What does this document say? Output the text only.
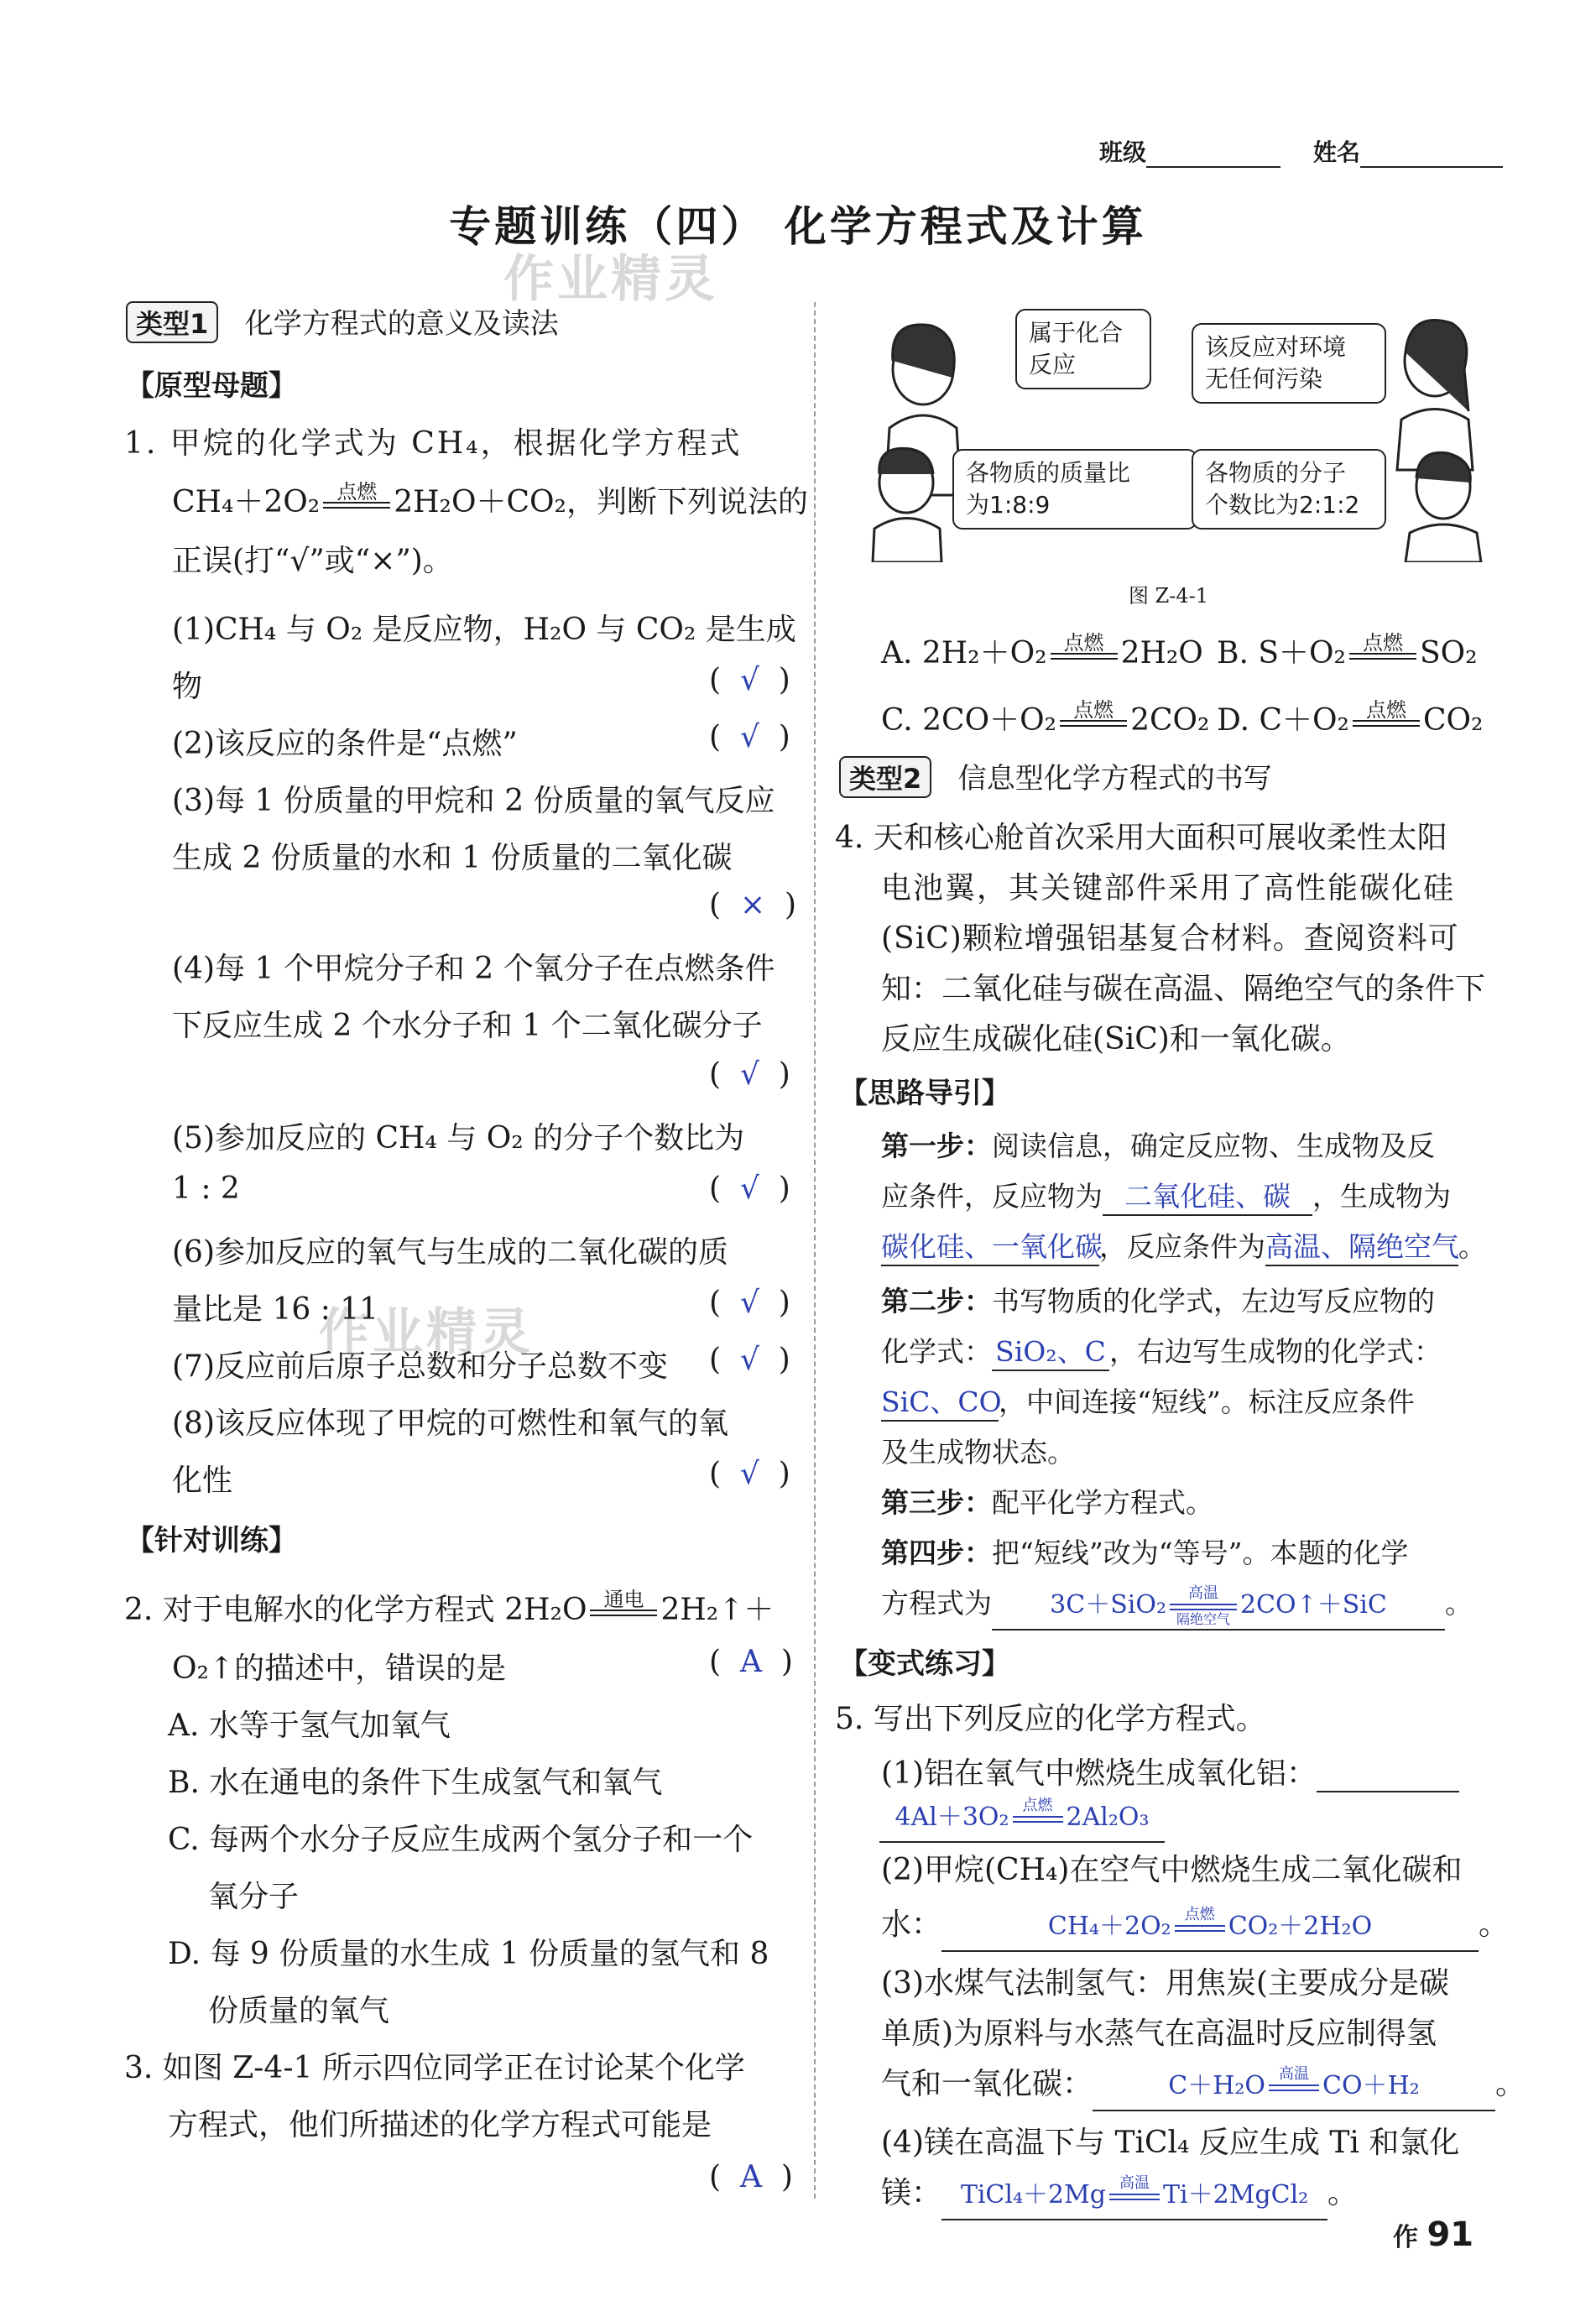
班级	姓名
专题训练（四） 化学方程式及计算
作业精灵
作业精灵
类型1 化学方程式的意义及读法
【原型母题】
1. 甲烷的化学式为 CH₄，根据化学方程式
CH₄＋2O₂ 点燃
2H₂O＋CO₂，判断下列说法的
正误(打“√”或“×”)。
(1)CH₄ 与 O₂ 是反应物，H₂O 与 CO₂ 是生成
物	(  √  )
(2)该反应的条件是“点燃”	(  √  )
(3)每 1 份质量的甲烷和 2 份质量的氧气反应
生成 2 份质量的水和 1 份质量的二氧化碳
(  ×  )
(4)每 1 个甲烷分子和 2 个氧分子在点燃条件
下反应生成 2 个水分子和 1 个二氧化碳分子
(  √  )
(5)参加反应的 CH₄ 与 O₂ 的分子个数比为
1 : 2	(  √  )
(6)参加反应的氧气与生成的二氧化碳的质
量比是 16 : 11	(  √  )
(7)反应前后原子总数和分子总数不变 (  √  )
(8)该反应体现了甲烷的可燃性和氧气的氧
化性	(  √  )
【针对训练】
2. 对于电解水的化学方程式 2H₂O 通电
2H₂↑＋
O₂↑的描述中，错误的是	(  A  )
A. 水等于氢气加氧气
B. 水在通电的条件下生成氢气和氧气
C. 每两个水分子反应生成两个氢分子和一个
氧分子
D. 每 9 份质量的水生成 1 份质量的氢气和 8
份质量的氧气
3. 如图 Z-4-1 所示四位同学正在讨论某个化学
方程式，他们所描述的化学方程式可能是
(  A  )
属于化合
反应
该反应对环境
无任何污染
各物质的质量比
为1:8:9
各物质的分子
个数比为2:1:2
图 Z-4-1
A. 2H₂＋O₂ 点燃
2H₂O B. S＋O₂ 点燃
SO₂
C. 2CO＋O₂ 点燃
2CO₂ D. C＋O₂ 点燃
CO₂
类型2 信息型化学方程式的书写
4. 天和核心舱首次采用大面积可展收柔性太阳
电池翼，其关键部件采用了高性能碳化硅
(SiC)颗粒增强铝基复合材料。查阅资料可
知：二氧化硅与碳在高温、隔绝空气的条件下
反应生成碳化硅(SiC)和一氧化碳。
【思路导引】
第一步：阅读信息，确定反应物、生成物及反
应条件，反应物为 二氧化硅、碳 ，生成物为
碳化硅、一氧化碳，反应条件为高温、隔绝空气。
第二步：书写物质的化学式，左边写反应物的
化学式： SiO₂、C ，右边写生成物的化学式：
SiC、CO，中间连接“短线”。标注反应条件
及生成物状态。
第三步：配平化学方程式。
第四步：把“短线”改为“等号”。本题的化学
方程式为 3C＋SiO₂	高温
隔绝空气 2CO↑＋SiC 。
【变式练习】
5. 写出下列反应的化学方程式。
(1)铝在氧气中燃烧生成氧化铝：
4Al＋3O₂ 点燃
2Al₂O₃
(2)甲烷(CH₄)在空气中燃烧生成二氧化碳和
水：	CH₄＋2O₂ 点燃
CO₂＋2H₂O	。
(3)水煤气法制氢气：用焦炭(主要成分是碳
单质)为原料与水蒸气在高温时反应制得氢
气和一氧化碳：	C＋H₂O 高温
CO＋H₂	。
(4)镁在高温下与 TiCl₄ 反应生成 Ti 和氯化
镁： TiCl₄＋2Mg 高温
Ti＋2MgCl₂ 。
作 91
